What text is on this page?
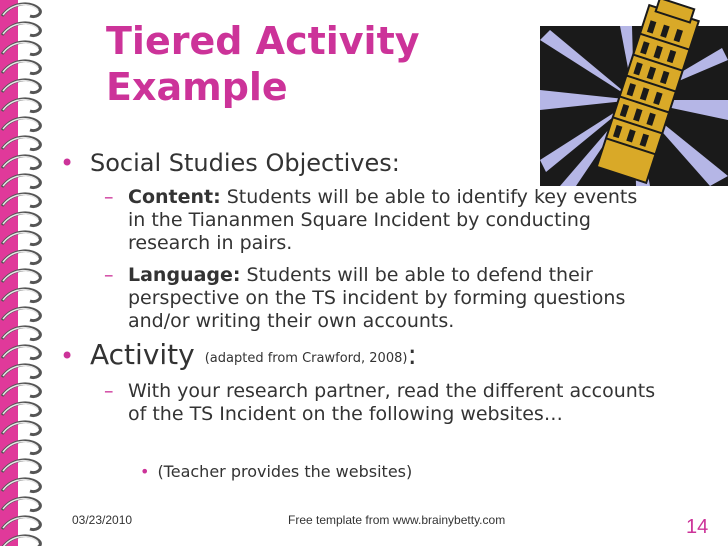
Tiered Activity
Example
• Social Studies Objectives:
– Content: Students will be able to identify key events in the Tiananmen Square Incident by conducting research in pairs.
– Language: Students will be able to defend their perspective on the TS incident by forming questions and/or writing their own accounts.
• Activity (adapted from Crawford, 2008):
– With your research partner, read the different accounts of the TS Incident on the following websites…
• (Teacher provides the websites)
03/23/2010	Free template from www.brainybetty.com	14
